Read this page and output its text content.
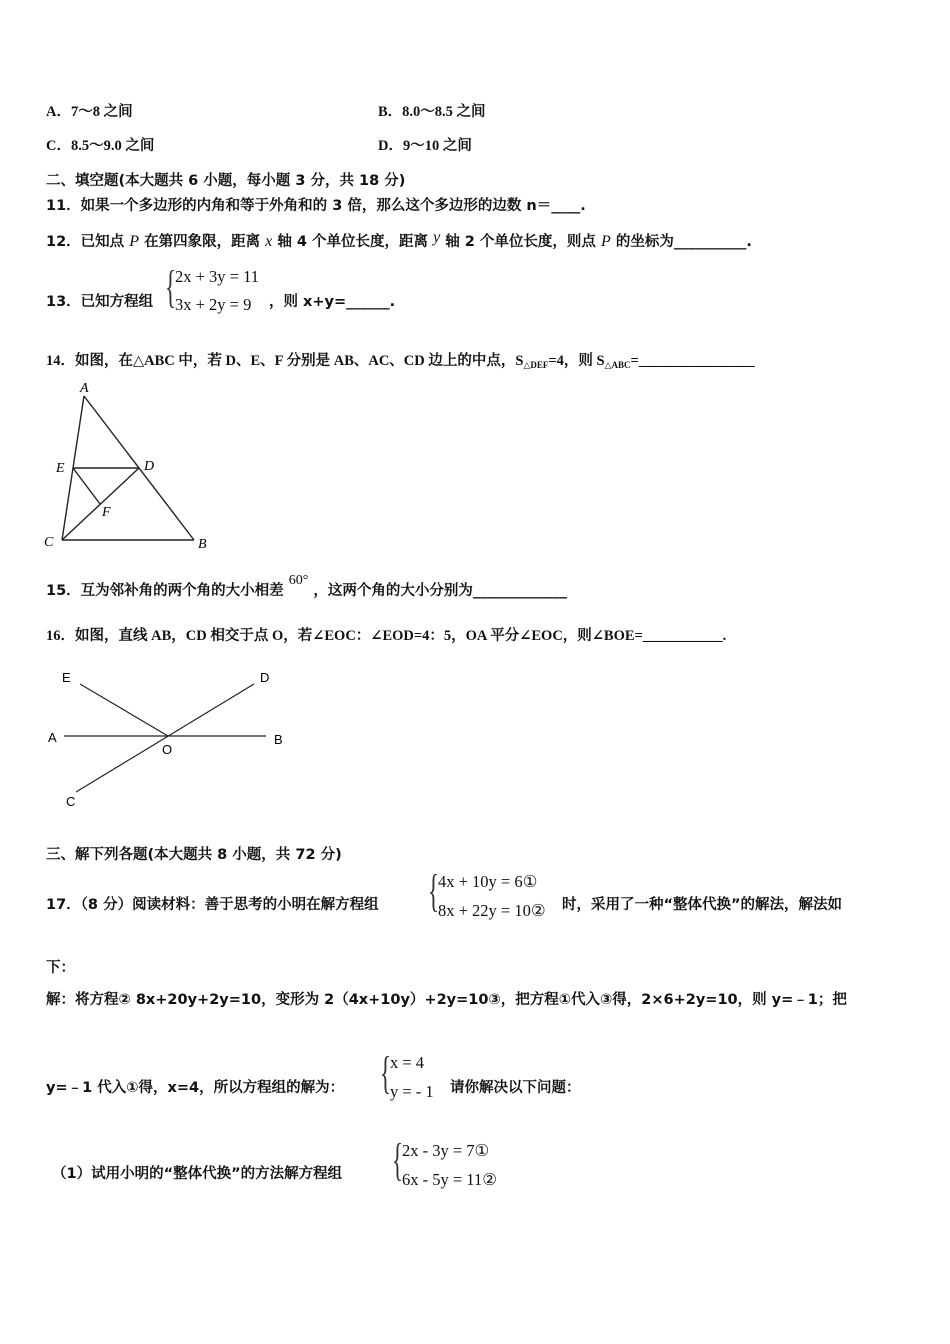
A．7～8 之间	B．8.0～8.5 之间
C．8.5～9.0 之间	D．9～10 之间
二、填空题(本大题共 6 小题，每小题 3 分，共 18 分)
11．如果一个多边形的内角和等于外角和的 3 倍，那么这个多边形的边数 n＝____.
12．已知点 P 在第四象限，距离 x 轴 4 个单位长度，距离 y 轴 2 个单位长度，则点 P 的坐标为__________.
13．已知方程组 {
2x + 3y = 11
3x + 2y = 9 ，则 x+y=______.
14．如图，在△ABC 中，若 D、E、F 分别是 AB、AC、CD 边上的中点，$S_{\triangle DEF}=4$，则 $S_{\triangle ABC}=\_\_\_\_\_\_\_\_\_\_\_\_\_\_\_\_$
A
B
C
D
E
F
15．互为邻补角的两个角的大小相差 60° ，这两个角的大小分别为_____________
16．如图，直线 AB，CD 相交于点 O，若∠EOC：∠EOD=4：5，OA 平分∠EOC，则∠BOE=___________.
E	D
A	B
O
C
三、解下列各题(本大题共 8 小题，共 72 分)
17．（8 分）阅读材料：善于思考的小明在解方程组 {
4x + 10y = 6①
8x + 22y = 10② 时，采用了一种“整体代换”的解法，解法如
下：
解：将方程② 8x+20y+2y=10，变形为 2（4x+10y）+2y=10③，把方程①代入③得，2×6+2y=10，则 y=﹣1；把
y=﹣1 代入①得，x=4，所以方程组的解为： {
x = 4
y = - 1 请你解决以下问题：
（1）试用小明的“整体代换”的方法解方程组 {
2x - 3y = 7①
6x - 5y = 11②
